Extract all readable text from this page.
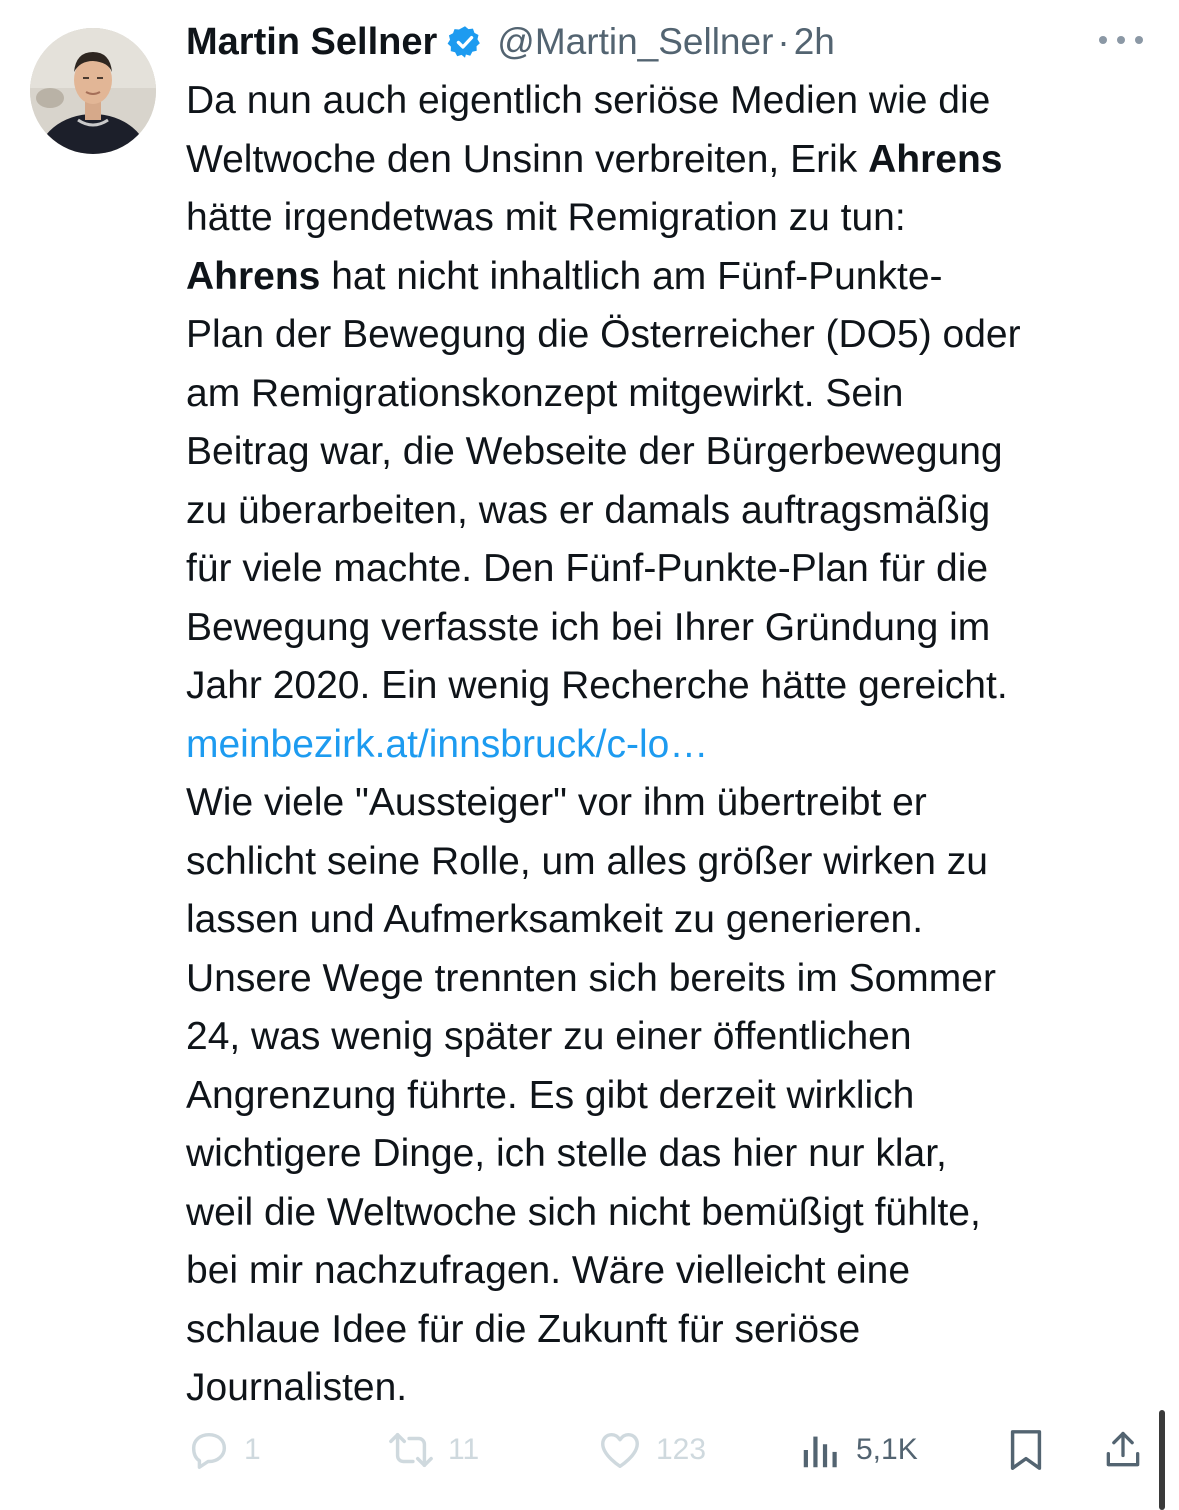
Martin Sellner @Martin_Sellner · 2h
Da nun auch eigentlich seriöse Medien wie die
Weltwoche den Unsinn verbreiten, Erik Ahrens
hätte irgendetwas mit Remigration zu tun:
Ahrens hat nicht inhaltlich am Fünf-Punkte-
Plan der Bewegung die Österreicher (DO5) oder
am Remigrationskonzept mitgewirkt. Sein
Beitrag war, die Webseite der Bürgerbewegung
zu überarbeiten, was er damals auftragsmäßig
für viele machte. Den Fünf-Punkte-Plan für die
Bewegung verfasste ich bei Ihrer Gründung im
Jahr 2020. Ein wenig Recherche hätte gereicht.
meinbezirk.at/innsbruck/c-lo…
Wie viele "Aussteiger" vor ihm übertreibt er
schlicht seine Rolle, um alles größer wirken zu
lassen und Aufmerksamkeit zu generieren.
Unsere Wege trennten sich bereits im Sommer
24, was wenig später zu einer öffentlichen
Angrenzung führte. Es gibt derzeit wirklich
wichtigere Dinge, ich stelle das hier nur klar,
weil die Weltwoche sich nicht bemüßigt fühlte,
bei mir nachzufragen. Wäre vielleicht eine
schlaue Idee für die Zukunft für seriöse
Journalisten.
1	11	123	5,1K
